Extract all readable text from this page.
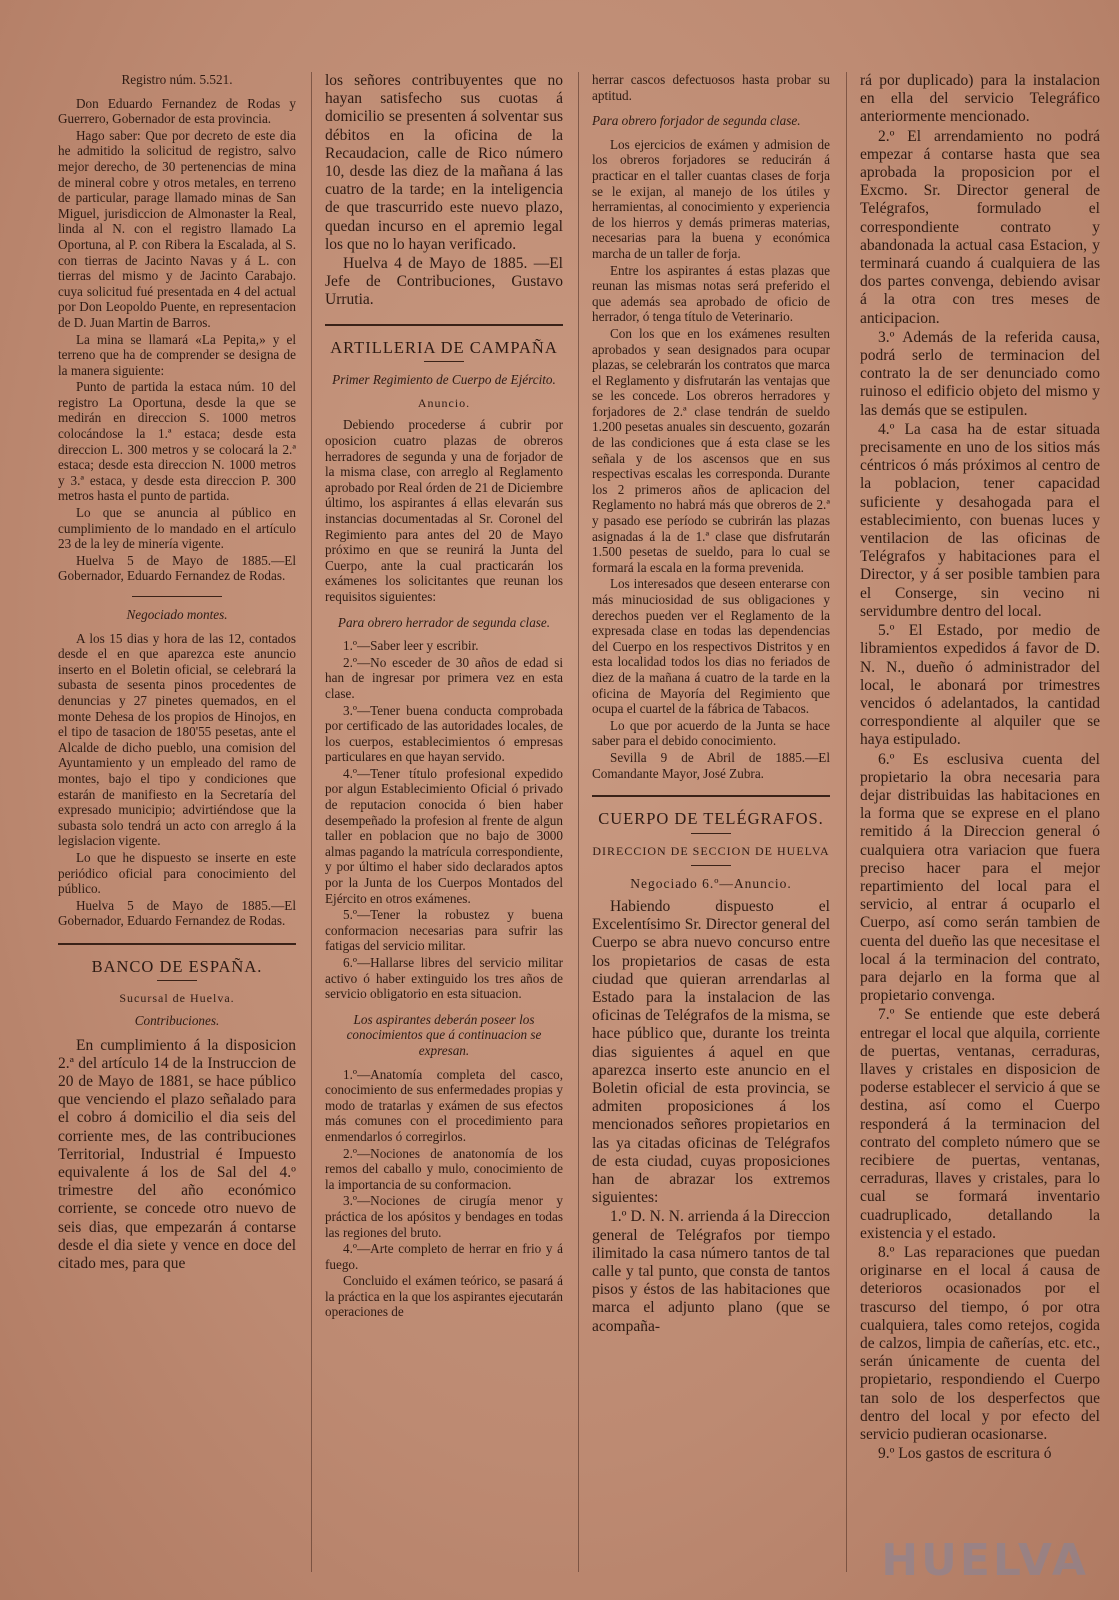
Registro núm. 5.521.

Don Eduardo Fernandez de Rodas y Guerrero, Gobernador de esta provincia.

Hago saber: Que por decreto de este dia he admitido la solicitud de registro, salvo mejor derecho, de 30 pertenencias de mina de mineral cobre y otros metales, en terreno de particular, parage llamado minas de San Miguel, jurisdiccion de Almonaster la Real, linda al N. con el registro llamado La Oportuna, al P. con Ribera la Escalada, al S. con tierras de Jacinto Navas y á L. con tierras del mismo y de Jacinto Carabajo. cuya solicitud fué presentada en 4 del actual por Don Leopoldo Puente, en representacion de D. Juan Martin de Barros.

La mina se llamará «La Pepita,» y el terreno que ha de comprender se designa de la manera siguiente:

Punto de partida la estaca núm. 10 del registro La Oportuna, desde la que se medirán en direccion S. 1000 metros colocándose la 1.ª estaca; desde esta direccion L. 300 metros y se colocará la 2.ª estaca; desde esta direccion N. 1000 metros y 3.ª estaca, y desde esta direccion P. 300 metros hasta el punto de partida.

Lo que se anuncia al público en cumplimiento de lo mandado en el artículo 23 de la ley de minería vigente.

Huelva 5 de Mayo de 1885.—El Gobernador, Eduardo Fernandez de Rodas.

Negociado montes.

A los 15 dias y hora de las 12, contados desde el en que aparezca este anuncio inserto en el Boletin oficial, se celebrará la subasta de sesenta pinos procedentes de denuncias y 27 pinetes quemados, en el monte Dehesa de los propios de Hinojos, en el tipo de tasacion de 180'55 pesetas, ante el Alcalde de dicho pueblo, una comision del Ayuntamiento y un empleado del ramo de montes, bajo el tipo y condiciones que estarán de manifiesto en la Secretaría del expresado municipio; advirtiéndose que la subasta solo tendrá un acto con arreglo á la legislacion vigente.

Lo que he dispuesto se inserte en este periódico oficial para conocimiento del público.

Huelva 5 de Mayo de 1885.—El Gobernador, Eduardo Fernandez de Rodas.

BANCO DE ESPAÑA.

Sucursal de Huelva.

Contribuciones.

En cumplimiento á la disposicion 2.ª del artículo 14 de la Instruccion de 20 de Mayo de 1881, se hace público que venciendo el plazo señalado para el cobro á domicilio el dia seis del corriente mes, de las contribuciones Territorial, Industrial é Impuesto equivalente á los de Sal del 4.º trimestre del año económico corriente, se concede otro nuevo de seis dias, que empezarán á contarse desde el dia siete y vence en doce del citado mes, para que

los señores contribuyentes que no hayan satisfecho sus cuotas á domicilio se presenten á solventar sus débitos en la oficina de la Recaudacion, calle de Rico número 10, desde las diez de la mañana á las cuatro de la tarde; en la inteligencia de que trascurrido este nuevo plazo, quedan incurso en el apremio legal los que no lo hayan verificado.

Huelva 4 de Mayo de 1885. —El Jefe de Contribuciones, Gustavo Urrutia.

ARTILLERIA DE CAMPAÑA

Primer Regimiento de Cuerpo de Ejército.

Anuncio.

Debiendo procederse á cubrir por oposicion cuatro plazas de obreros herradores de segunda y una de forjador de la misma clase, con arreglo al Reglamento aprobado por Real órden de 21 de Diciembre último, los aspirantes á ellas elevarán sus instancias documentadas al Sr. Coronel del Regimiento para antes del 20 de Mayo próximo en que se reunirá la Junta del Cuerpo, ante la cual practicarán los exámenes los solicitantes que reunan los requisitos siguientes:

Para obrero herrador de segunda clase.

1.º—Saber leer y escribir.

2.º—No esceder de 30 años de edad si han de ingresar por primera vez en esta clase.

3.º—Tener buena conducta comprobada por certificado de las autoridades locales, de los cuerpos, establecimientos ó empresas particulares en que hayan servido.

4.º—Tener título profesional expedido por algun Establecimiento Oficial ó privado de reputacion conocida ó bien haber desempeñado la profesion al frente de algun taller en poblacion que no bajo de 3000 almas pagando la matrícula correspondiente, y por último el haber sido declarados aptos por la Junta de los Cuerpos Montados del Ejército en otros exámenes.

5.º—Tener la robustez y buena conformacion necesarias para sufrir las fatigas del servicio militar.

6.º—Hallarse libres del servicio militar activo ó haber extinguido los tres años de servicio obligatorio en esta situacion.

Los aspirantes deberán poseer los conocimientos que á continuacion se expresan.

1.º—Anatomía completa del casco, conocimiento de sus enfermedades propias y modo de tratarlas y exámen de sus efectos más comunes con el procedimiento para enmendarlos ó corregirlos.

2.º—Nociones de anatonomía de los remos del caballo y mulo, conocimiento de la importancia de su conformacion.

3.º—Nociones de cirugía menor y práctica de los apósitos y bendages en todas las regiones del bruto.

4.º—Arte completo de herrar en frio y á fuego.

Concluido el exámen teórico, se pasará á la práctica en la que los aspirantes ejecutarán operaciones de

herrar cascos defectuosos hasta probar su aptitud.

Para obrero forjador de segunda clase.

Los ejercicios de exámen y admision de los obreros forjadores se reducirán á practicar en el taller cuantas clases de forja se le exijan, al manejo de los útiles y herramientas, al conocimiento y experiencia de los hierros y demás primeras materias, necesarias para la buena y económica marcha de un taller de forja.

Entre los aspirantes á estas plazas que reunan las mismas notas será preferido el que además sea aprobado de oficio de herrador, ó tenga título de Veterinario.

Con los que en los exámenes resulten aprobados y sean designados para ocupar plazas, se celebrarán los contratos que marca el Reglamento y disfrutarán las ventajas que se les concede. Los obreros herradores y forjadores de 2.ª clase tendrán de sueldo 1.200 pesetas anuales sin descuento, gozarán de las condiciones que á esta clase se les señala y de los ascensos que en sus respectivas escalas les corresponda. Durante los 2 primeros años de aplicacion del Reglamento no habrá más que obreros de 2.ª y pasado ese período se cubrirán las plazas asignadas á la de 1.ª clase que disfrutarán 1.500 pesetas de sueldo, para lo cual se formará la escala en la forma prevenida.

Los interesados que deseen enterarse con más minuciosidad de sus obligaciones y derechos pueden ver el Reglamento de la expresada clase en todas las dependencias del Cuerpo en los respectivos Distritos y en esta localidad todos los dias no feriados de diez de la mañana á cuatro de la tarde en la oficina de Mayoría del Regimiento que ocupa el cuartel de la fábrica de Tabacos.

Lo que por acuerdo de la Junta se hace saber para el debido conocimiento.

Sevilla 9 de Abril de 1885.—El Comandante Mayor, José Zubra.

CUERPO DE TELÉGRAFOS.

DIRECCION DE SECCION DE HUELVA

Negociado 6.º—Anuncio.

Habiendo dispuesto el Excelentísimo Sr. Director general del Cuerpo se abra nuevo concurso entre los propietarios de casas de esta ciudad que quieran arrendarlas al Estado para la instalacion de las oficinas de Telégrafos de la misma, se hace público que, durante los treinta dias siguientes á aquel en que aparezca inserto este anuncio en el Boletin oficial de esta provincia, se admiten proposiciones á los mencionados señores propietarios en las ya citadas oficinas de Telégrafos de esta ciudad, cuyas proposiciones han de abrazar los extremos siguientes:

1.º D. N. N. arrienda á la Direccion general de Telégrafos por tiempo ilimitado la casa número tantos de tal calle y tal punto, que consta de tantos pisos y éstos de las habitaciones que marca el adjunto plano (que se acompaña-

rá por duplicado) para la instalacion en ella del servicio Telegráfico anteriormente mencionado.

2.º El arrendamiento no podrá empezar á contarse hasta que sea aprobada la proposicion por el Excmo. Sr. Director general de Telégrafos, formulado el correspondiente contrato y abandonada la actual casa Estacion, y terminará cuando á cualquiera de las dos partes convenga, debiendo avisar á la otra con tres meses de anticipacion.

3.º Además de la referida causa, podrá serlo de terminacion del contrato la de ser denunciado como ruinoso el edificio objeto del mismo y las demás que se estipulen.

4.º La casa ha de estar situada precisamente en uno de los sitios más céntricos ó más próximos al centro de la poblacion, tener capacidad suficiente y desahogada para el establecimiento, con buenas luces y ventilacion de las oficinas de Telégrafos y habitaciones para el Director, y á ser posible tambien para el Conserge, sin vecino ni servidumbre dentro del local.

5.º El Estado, por medio de libramientos expedidos á favor de D. N. N., dueño ó administrador del local, le abonará por trimestres vencidos ó adelantados, la cantidad correspondiente al alquiler que se haya estipulado.

6.º Es esclusiva cuenta del propietario la obra necesaria para dejar distribuidas las habitaciones en la forma que se exprese en el plano remitido á la Direccion general ó cualquiera otra variacion que fuera preciso hacer para el mejor repartimiento del local para el servicio, al entrar á ocuparlo el Cuerpo, así como serán tambien de cuenta del dueño las que necesitase el local á la terminacion del contrato, para dejarlo en la forma que al propietario convenga.

7.º Se entiende que este deberá entregar el local que alquila, corriente de puertas, ventanas, cerraduras, llaves y cristales en disposicion de poderse establecer el servicio á que se destina, así como el Cuerpo responderá á la terminacion del contrato del completo número que se recibiere de puertas, ventanas, cerraduras, llaves y cristales, para lo cual se formará inventario cuadruplicado, detallando la existencia y el estado.

8.º Las reparaciones que puedan originarse en el local á causa de deterioros ocasionados por el trascurso del tiempo, ó por otra cualquiera, tales como retejos, cogida de calzos, limpia de cañerías, etc. etc., serán únicamente de cuenta del propietario, respondiendo el Cuerpo tan solo de los desperfectos que dentro del local y por efecto del servicio pudieran ocasionarse.

9.º Los gastos de escritura ó

HUELVA
